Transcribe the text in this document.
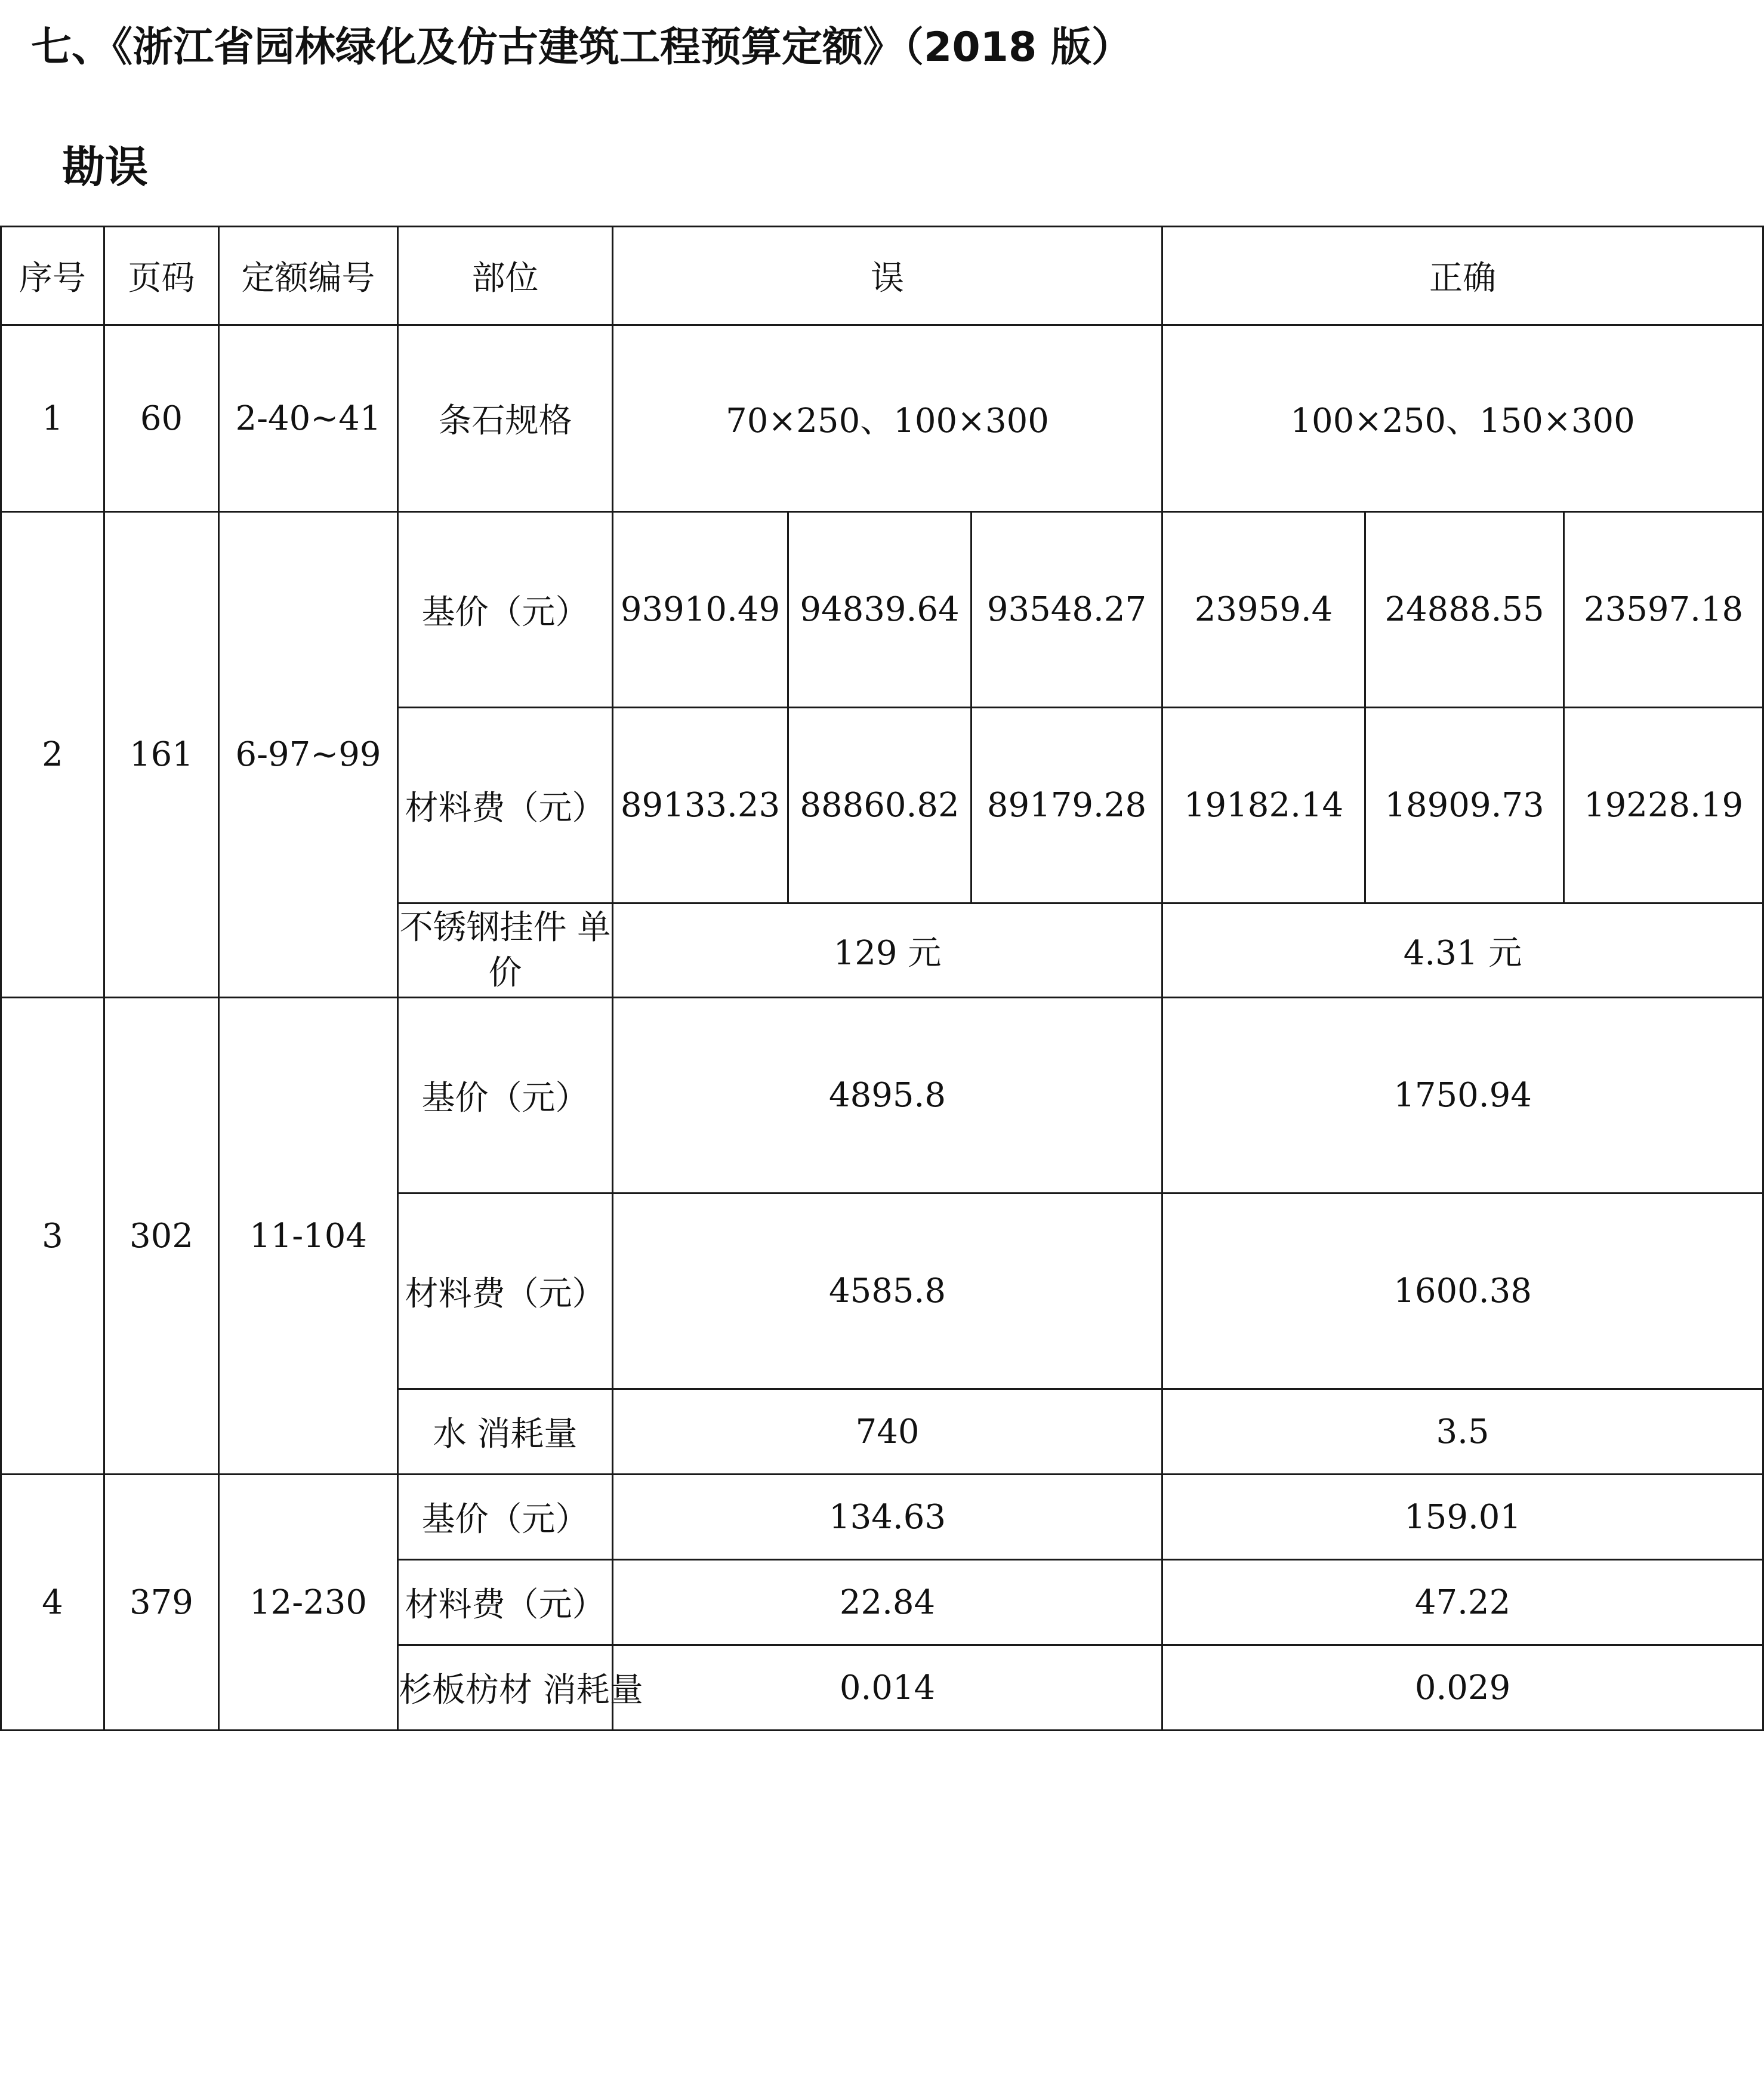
七、《浙江省园林绿化及仿古建筑工程预算定额》（2018 版）
勘误
序号	页码	定额编号	部位	误			正确		
1	60	2-40~41	条石规格	70×250、100×300			100×250、150×300		
2	161	6-97~99	基价（元）	93910.49	94839.64	93548.27	23959.4	24888.55	23597.18
			材料费（元）	89133.23	88860.82	89179.28	19182.14	18909.73	19228.19
			不锈钢挂件 单价	129 元			4.31 元		
3	302	11-104	基价（元）	4895.8			1750.94		
			材料费（元）	4585.8			1600.38		
			水 消耗量	740			3.5		
4	379	12-230	基价（元）	134.63			159.01		
			材料费（元）	22.84			47.22		
			杉板枋材 消耗量	0.014			0.029		
